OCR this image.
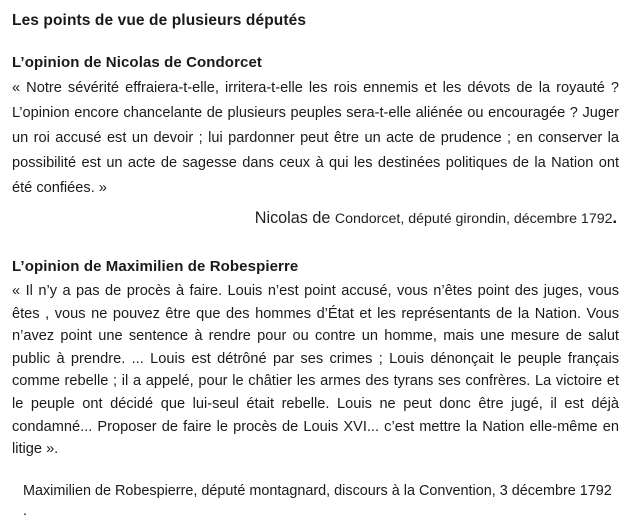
Les points de vue de plusieurs députés
L’opinion de Nicolas de Condorcet

« Notre sévérité effraiera-t-elle, irritera-t-elle les rois ennemis et les dévots de la royauté ? L’opinion encore chancelante de plusieurs peuples sera-t-elle aliénée ou encouragée ? Juger un roi accusé est un devoir ; lui pardonner peut être un acte de prudence ; en conserver la possibilité est un acte de sagesse dans ceux à qui les destinées politiques de la Nation ont été confiées. »

Nicolas de Condorcet, député girondin, décembre 1792.

L’opinion de Maximilien de Robespierre

« Il n’y a pas de procès à faire. Louis n’est point accusé, vous n’êtes point des juges, vous êtes , vous ne pouvez être que des hommes d’État et les représentants de la Nation. Vous n’avez point une sentence à rendre pour ou contre un homme, mais une mesure de salut public à prendre. ... Louis est détrôné par ses crimes ; Louis dénonçait le peuple français comme rebelle ; il a appelé, pour le châtier les armes des tyrans ses confrères. La victoire et le peuple ont décidé que lui-seul était rebelle. Louis ne peut donc être jugé, il est déjà condamné... Proposer de faire le procès de Louis XVI... c’est mettre la Nation elle-même en litige ».

Maximilien de Robespierre, député montagnard, discours à la Convention, 3 décembre 1792 .
